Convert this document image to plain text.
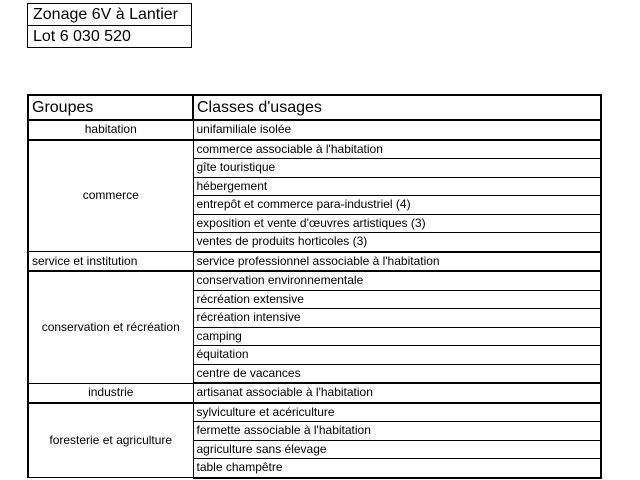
Zonage 6V à Lantier
Lot 6 030 520
Groupes	Classes d'usages
habitation	unifamiliale isolée
commerce	commerce associable à l'habitation
	gîte touristique
	hébergement
	entrepôt et commerce para-industriel (4)
	exposition et vente d'œuvres artistiques (3)
	ventes de produits horticoles (3)
service et institution	service professionnel associable à l'habitation
conservation et récréation	conservation environnementale
	récréation extensive
	récréation intensive
	camping
	équitation
	centre de vacances
industrie	artisanat associable à l'habitation
foresterie et agriculture	sylviculture et acériculture
	fermette associable à l'habitation
	agriculture sans élevage
	table champêtre
